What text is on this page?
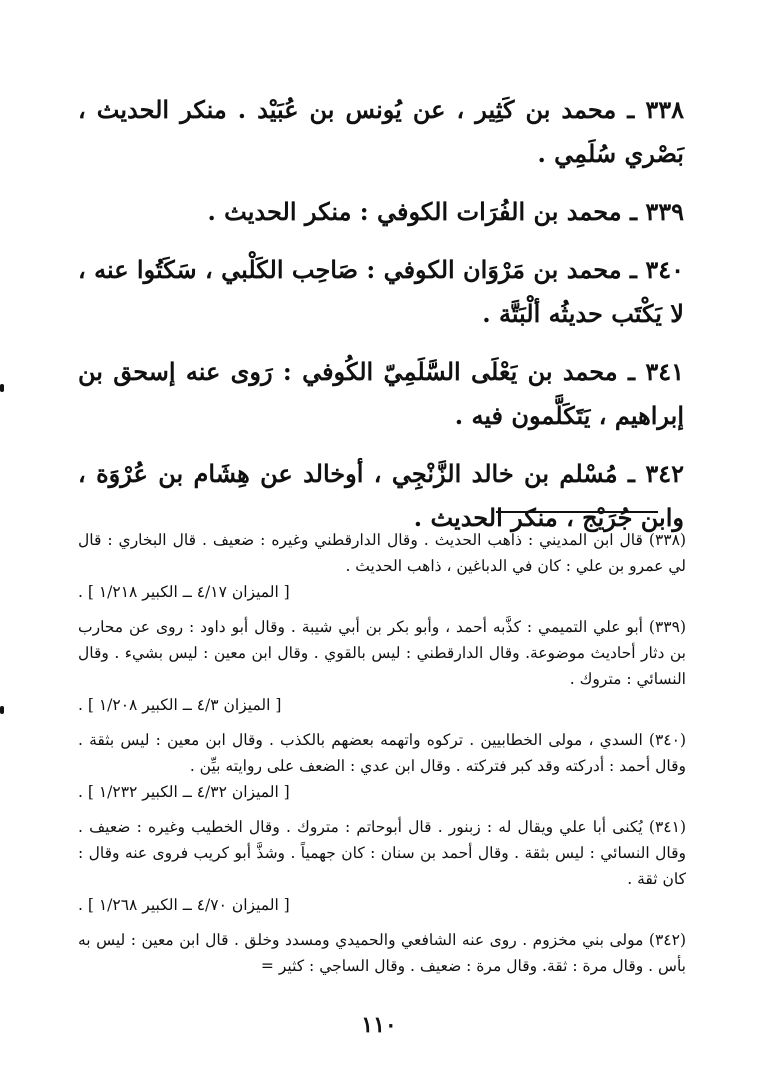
٣٣٨ ـ محمد بن كَثِير ، عن يُونس بن عُبَيْد . منكر الحديث ، بَصْري سُلَمِي .

٣٣٩ ـ محمد بن الفُرَات الكوفي : منكر الحديث .

٣٤٠ ـ محمد بن مَرْوَان الكوفي : صَاحِب الكَلْبي ، سَكَتُوا عنه ، لا يَكْتَب حديثُه ألْبَتَّة .

٣٤١ ـ محمد بن يَعْلَى السَّلَمِيّ الكُوفي : رَوى عنه إسحق بن إبراهيم ، يَتَكَلَّمون فيه .

٣٤٢ ـ مُسْلم بن خالد الزَّنْجِي ، أوخالد عن هِشَام بن عُرْوَة ، وابن جُرَيْج ، منكر الحديث .

(٣٣٨) قال ابن المديني : ذاهب الحديث . وقال الدارقطني وغيره : ضعيف . قال البخاري : قال لي عمرو بن علي : كان في الدباغين ، ذاهب الحديث .
[ الميزان ٤/١٧ ــ الكبير ١/٢١٨ ] .
(٣٣٩) أبو علي التميمي : كذَّبه أحمد ، وأبو بكر بن أبي شيبة . وقال أبو داود : روى عن محارب بن دثار أحاديث موضوعة. وقال الدارقطني : ليس بالقوي . وقال ابن معين : ليس بشيء . وقال النسائي : متروك .
[ الميزان ٤/٣ ــ الكبير ١/٢٠٨ ] .
(٣٤٠) السدي ، مولى الخطابيين . تركوه واتهمه بعضهم بالكذب . وقال ابن معين : ليس بثقة . وقال أحمد : أدركته وقد كبر فتركته . وقال ابن عدي : الضعف على روايته بيِّن .
[ الميزان ٤/٣٢ ــ الكبير ١/٢٣٢ ] .
(٣٤١) يُكنى أبا علي ويقال له : زبنور . قال أبوحاتم : متروك . وقال الخطيب وغيره : ضعيف . وقال النسائي : ليس بثقة . وقال أحمد بن سنان : كان جهمياً . وشذَّ أبو كريب فروى عنه وقال : كان ثقة .
[ الميزان ٤/٧٠ ــ الكبير ١/٢٦٨ ] .
(٣٤٢) مولى بني مخزوم . روى عنه الشافعي والحميدي ومسدد وخلق . قال ابن معين : ليس به بأس . وقال مرة : ثقة. وقال مرة : ضعيف . وقال الساجي : كثير =
١١٠
